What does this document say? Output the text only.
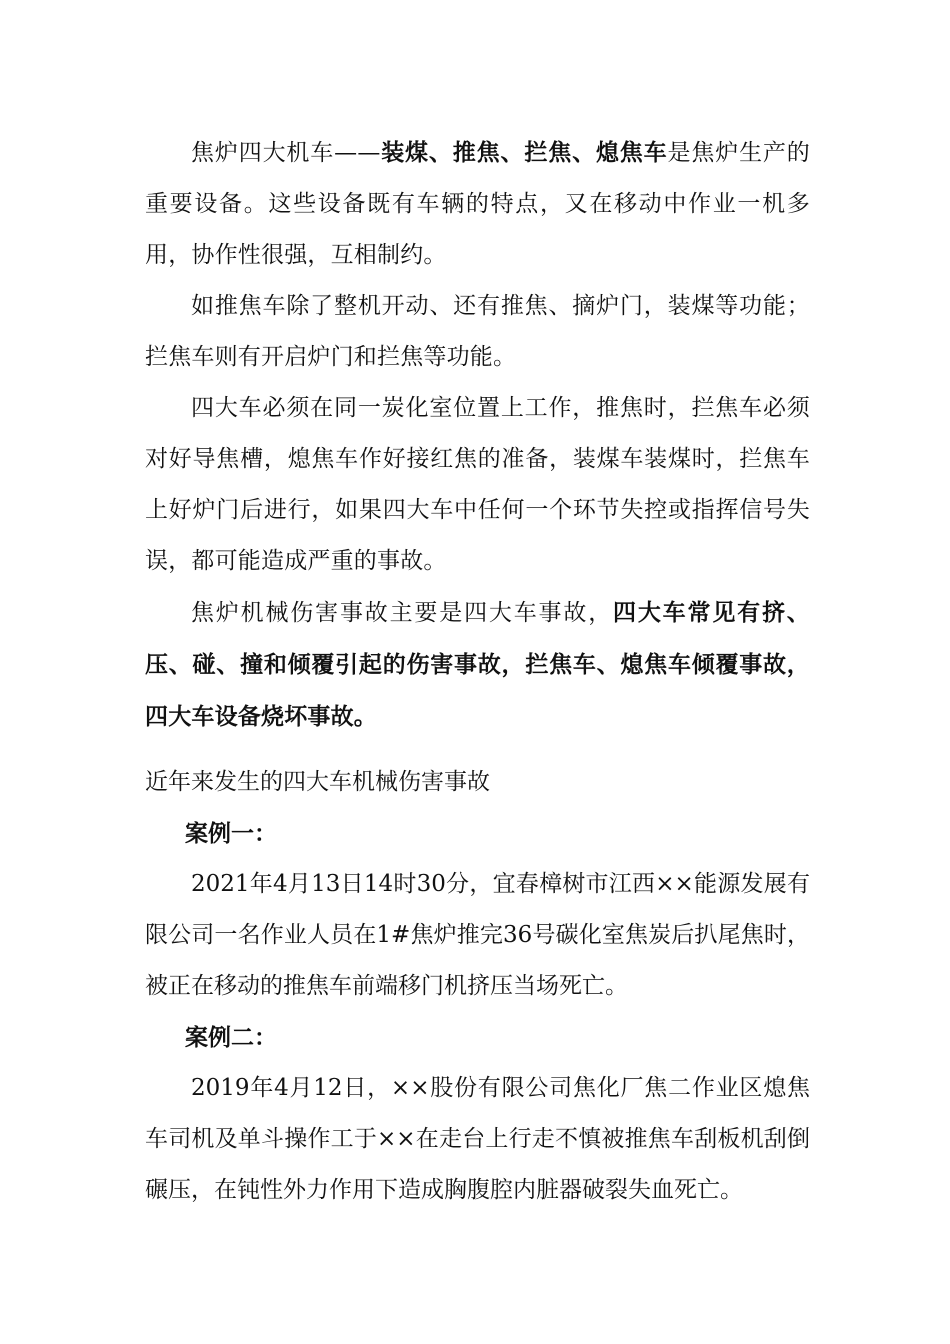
焦炉四大机车——装煤、推焦、拦焦、熄焦车是焦炉生产的重要设备。这些设备既有车辆的特点，又在移动中作业一机多用，协作性很强，互相制约。

如推焦车除了整机开动、还有推焦、摘炉门，装煤等功能；拦焦车则有开启炉门和拦焦等功能。

四大车必须在同一炭化室位置上工作，推焦时，拦焦车必须对好导焦槽，熄焦车作好接红焦的准备，装煤车装煤时，拦焦车上好炉门后进行，如果四大车中任何一个环节失控或指挥信号失误，都可能造成严重的事故。

焦炉机械伤害事故主要是四大车事故，四大车常见有挤、压、碰、撞和倾覆引起的伤害事故，拦焦车、熄焦车倾覆事故，四大车设备烧坏事故。

近年来发生的四大车机械伤害事故

案例一：

2021年4月13日14时30分，宜春樟树市江西××能源发展有限公司一名作业人员在1#焦炉推完36号碳化室焦炭后扒尾焦时，被正在移动的推焦车前端移门机挤压当场死亡。

案例二：

2019年4月12日，××股份有限公司焦化厂焦二作业区熄焦车司机及单斗操作工于××在走台上行走不慎被推焦车刮板机刮倒碾压，在钝性外力作用下造成胸腹腔内脏器破裂失血死亡。
